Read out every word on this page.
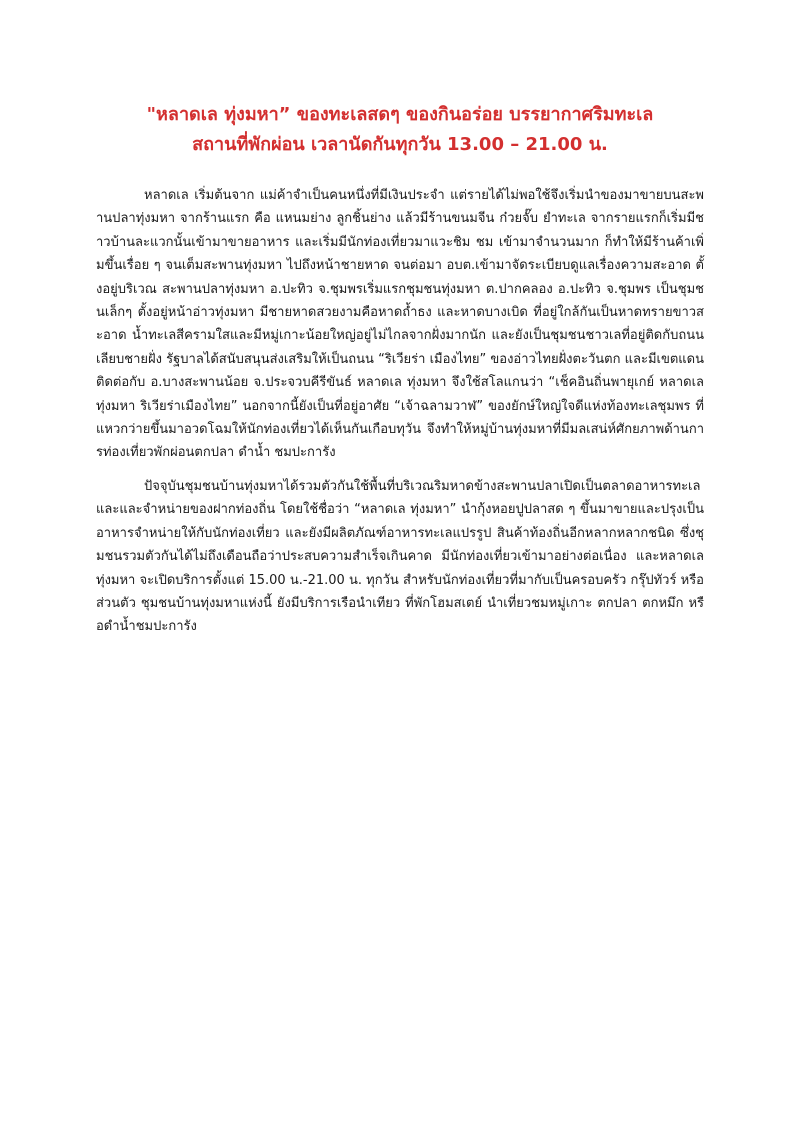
"หลาดเล ทุ่งมหา” ของทะเลสดๆ ของกินอร่อย บรรยากาศริมทะเล
สถานที่พักผ่อน เวลานัดกันทุกวัน 13.00 – 21.00 น.

หลาดเล เริ่มต้นจาก แม่ค้าจำเป็นคนหนึ่งที่มีเงินประจำ แต่รายได้ไม่พอใช้จึงเริ่มนำของมาขายบนสะพานปลาทุ่งมหา จากร้านแรก คือ แหนมย่าง ลูกชิ้นย่าง แล้วมีร้านขนมจีน ก๋วยจั๊บ ยำทะเล จากรายแรกก็เริ่มมีชาวบ้านละแวกนั้นเข้ามาขายอาหาร และเริ่มมีนักท่องเที่ยวมาแวะชิม ชม เข้ามาจำนวนมาก ก็ทำให้มีร้านค้าเพิ่มขึ้นเรื่อย ๆ จนเต็มสะพานทุ่งมหา ไปถึงหน้าชายหาด จนต่อมา อบต.เข้ามาจัดระเบียบดูแลเรื่องความสะอาด ตั้งอยู่บริเวณ สะพานปลาทุ่งมหา อ.ปะทิว จ.ชุมพรเริ่มแรกชุมชนทุ่งมหา ต.ปากคลอง อ.ปะทิว จ.ชุมพร เป็นชุมชนเล็กๆ ตั้งอยู่หน้าอ่าวทุ่งมหา มีชายหาดสวยงามคือหาดถ้ำธง และหาดบางเบิด ที่อยู่ใกล้กันเป็นหาดทรายขาวสะอาด น้ำทะเลสีครามใสและมีหมู่เกาะน้อยใหญ่อยู่ไม่ไกลจากฝั่งมากนัก และยังเป็นชุมชนชาวเลที่อยู่ติดกับถนนเลียบชายฝั่ง รัฐบาลได้สนับสนุนส่งเสริมให้เป็นถนน “ริเวียร่า เมืองไทย” ของอ่าวไทยฝั่งตะวันตก และมีเขตแดนติดต่อกับ อ.บางสะพานน้อย จ.ประจวบคีรีขันธ์ หลาดเล ทุ่งมหา จึงใช้สโลแกนว่า “เช็คอินถิ่นพายุเกย์ หลาดเลทุ่งมหา ริเวียร่าเมืองไทย” นอกจากนี้ยังเป็นที่อยู่อาศัย “เจ้าฉลามวาฬ” ของยักษ์ใหญ่ใจดีแห่งท้องทะเลชุมพร ที่แหวกว่ายขึ้นมาอวดโฉมให้นักท่องเที่ยวได้เห็นกันเกือบทุวัน จึงทำให้หมู่บ้านทุ่งมหาที่มีมลเสน่ห์ศักยภาพด้านการท่องเที่ยวพักผ่อนตกปลา ดำน้ำ ชมปะการัง

ปัจจุบันชุมชนบ้านทุ่งมหาได้รวมตัวกันใช้พื้นที่บริเวณริมหาดข้างสะพานปลาเปิดเป็นตลาดอาหารทะเลและและจำหน่ายของฝากท่องถิ่น โดยใช้ชื่อว่า “หลาดเล ทุ่งมหา” นำกุ้งหอยปูปลาสด ๆ ขึ้นมาขายและปรุงเป็นอาหารจำหน่ายให้กับนักท่องเที่ยว และยังมีผลิตภัณฑ์อาหารทะเลแปรรูป สินค้าท้องถิ่นอีกหลากหลากชนิด ซึ่งชุมชนรวมตัวกันได้ไม่ถึงเดือนถือว่าประสบความสำเร็จเกินคาด มีนักท่องเที่ยวเข้ามาอย่างต่อเนื่อง และหลาดเล ทุ่งมหา จะเปิดบริการตั้งแต่ 15.00 น.-21.00 น. ทุกวัน สำหรับนักท่องเที่ยวที่มากับเป็นครอบครัว กรุ๊ปทัวร์ หรือส่วนตัว ชุมชนบ้านทุ่งมหาแห่งนี้ ยังมีบริการเรือนำเทียว ที่พักโฮมสเตย์ นำเที่ยวชมหมู่เกาะ ตกปลา ตกหมึก หรือดำน้ำชมปะการัง
